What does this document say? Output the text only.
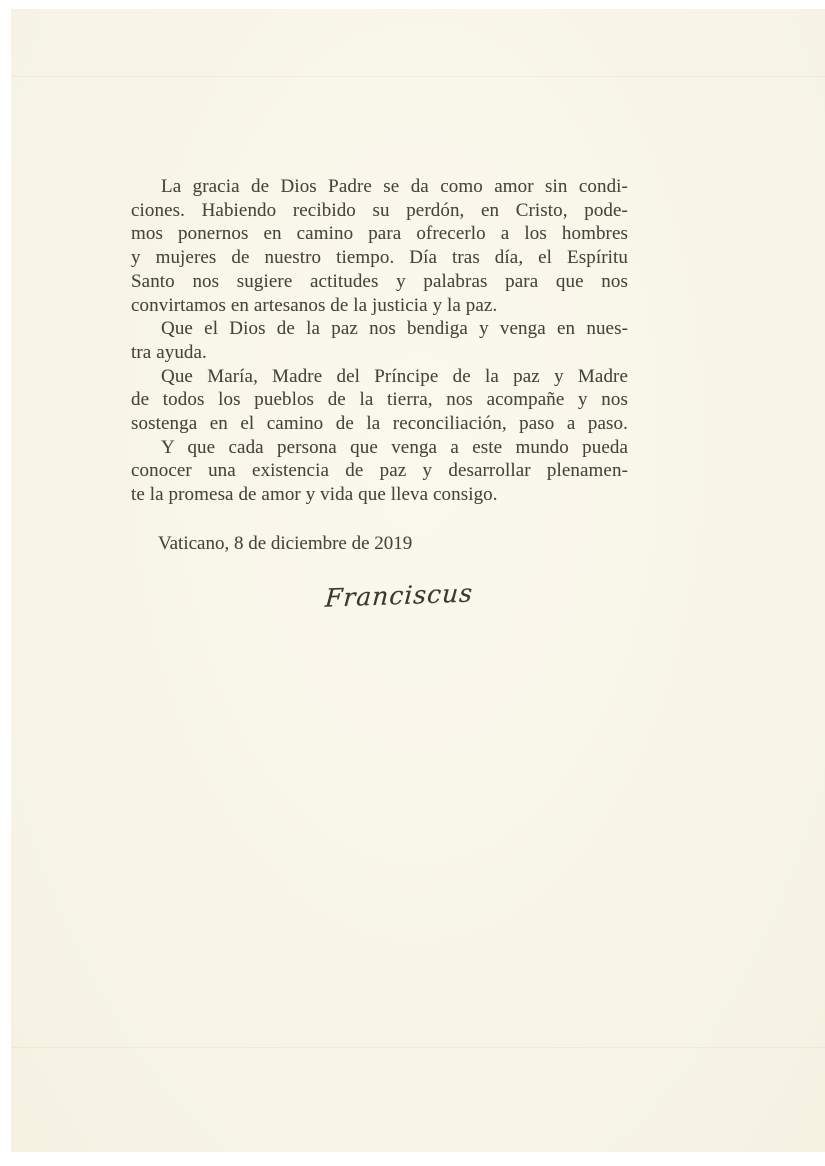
La gracia de Dios Padre se da como amor sin condi-
ciones. Habiendo recibido su perdón, en Cristo, pode-
mos ponernos en camino para ofrecerlo a los hombres
y mujeres de nuestro tiempo. Día tras día, el Espíritu
Santo nos sugiere actitudes y palabras para que nos
convirtamos en artesanos de la justicia y la paz.
Que el Dios de la paz nos bendiga y venga en nues-
tra ayuda.
Que María, Madre del Príncipe de la paz y Madre
de todos los pueblos de la tierra, nos acompañe y nos
sostenga en el camino de la reconciliación, paso a paso.
Y que cada persona que venga a este mundo pueda
conocer una existencia de paz y desarrollar plenamen-
te la promesa de amor y vida que lleva consigo.
Vaticano, 8 de diciembre de 2019
Franciscus
